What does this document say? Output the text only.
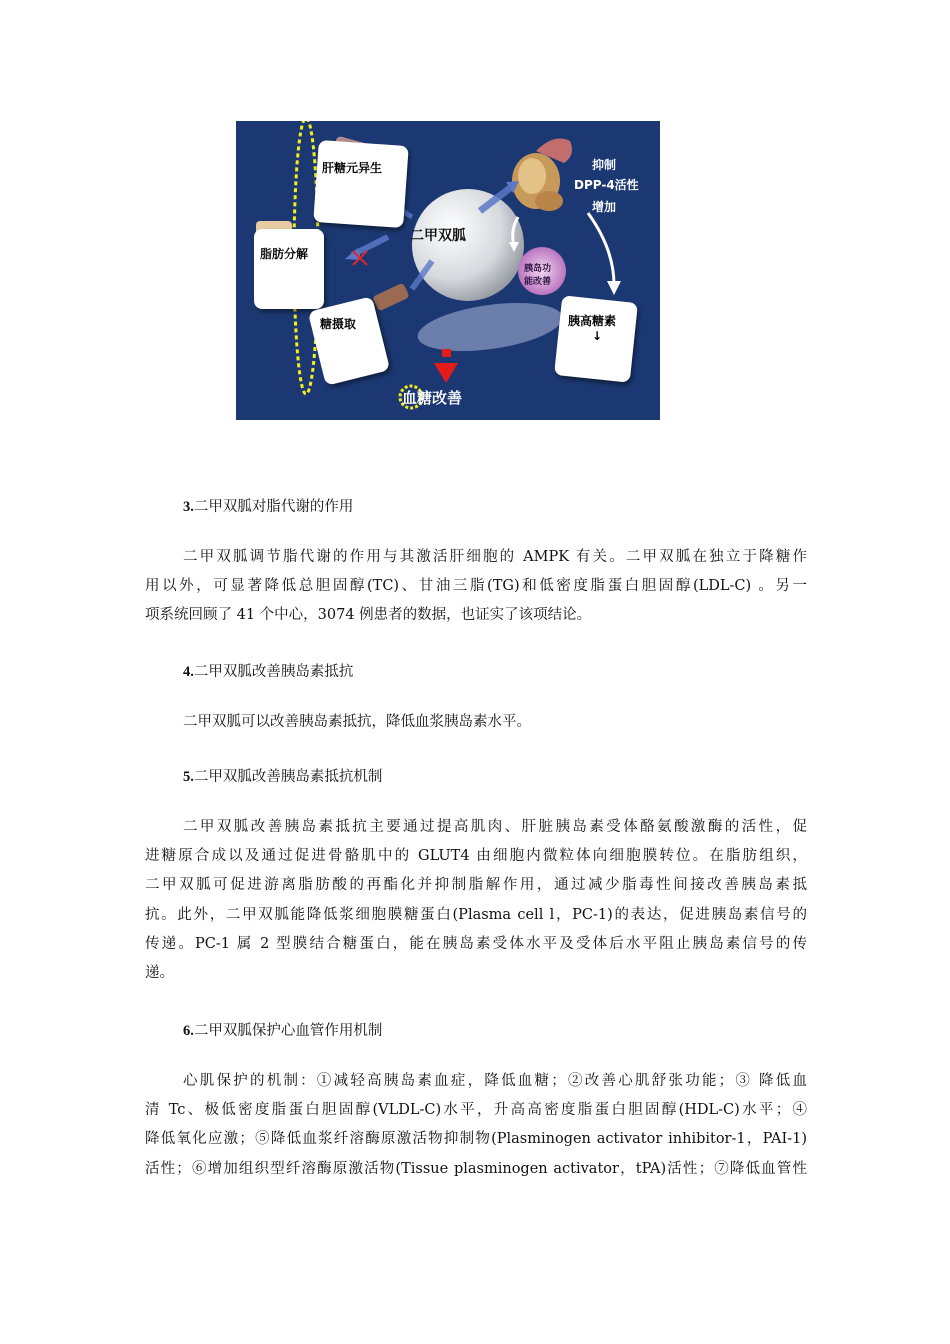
肝糖元异生
脂肪分解
糖摄取	胰高糖素
↓
二甲双胍
抑制
DPP-4活性
增加
胰岛功
能改善
血糖改善
3.二甲双胍对脂代谢的作用

二甲双胍调节脂代谢的作用与其激活肝细胞的 AMPK 有关。二甲双胍在独立于降糖作
用以外，可显著降低总胆固醇(TC)、甘油三脂(TG)和低密度脂蛋白胆固醇(LDL-C) 。另一
项系统回顾了 41 个中心，3074 例患者的数据，也证实了该项结论。

4.二甲双胍改善胰岛素抵抗

二甲双胍可以改善胰岛素抵抗，降低血浆胰岛素水平。

5.二甲双胍改善胰岛素抵抗机制

二甲双胍改善胰岛素抵抗主要通过提高肌肉、肝脏胰岛素受体酪氨酸激酶的活性，促
进糖原合成以及通过促进骨骼肌中的 GLUT4 由细胞内微粒体向细胞膜转位。在脂肪组织，
二甲双胍可促进游离脂肪酸的再酯化并抑制脂解作用，通过减少脂毒性间接改善胰岛素抵
抗。此外，二甲双胍能降低浆细胞膜糖蛋白(Plasma cell l，PC-1)的表达，促进胰岛素信号的
传递。PC-1 属 2 型膜结合糖蛋白，能在胰岛素受体水平及受体后水平阻止胰岛素信号的传
递。

6.二甲双胍保护心血管作用机制

心肌保护的机制：①减轻高胰岛素血症，降低血糖；②改善心肌舒张功能；③ 降低血
清 Tc、极低密度脂蛋白胆固醇(VLDL-C)水平，升高高密度脂蛋白胆固醇(HDL-C)水平；④
降低氧化应激；⑤降低血浆纤溶酶原激活物抑制物(Plasminogen activator inhibitor-1，PAI-1)
活性；⑥增加组织型纤溶酶原激活物(Tissue plasminogen activator，tPA)活性；⑦降低血管性
